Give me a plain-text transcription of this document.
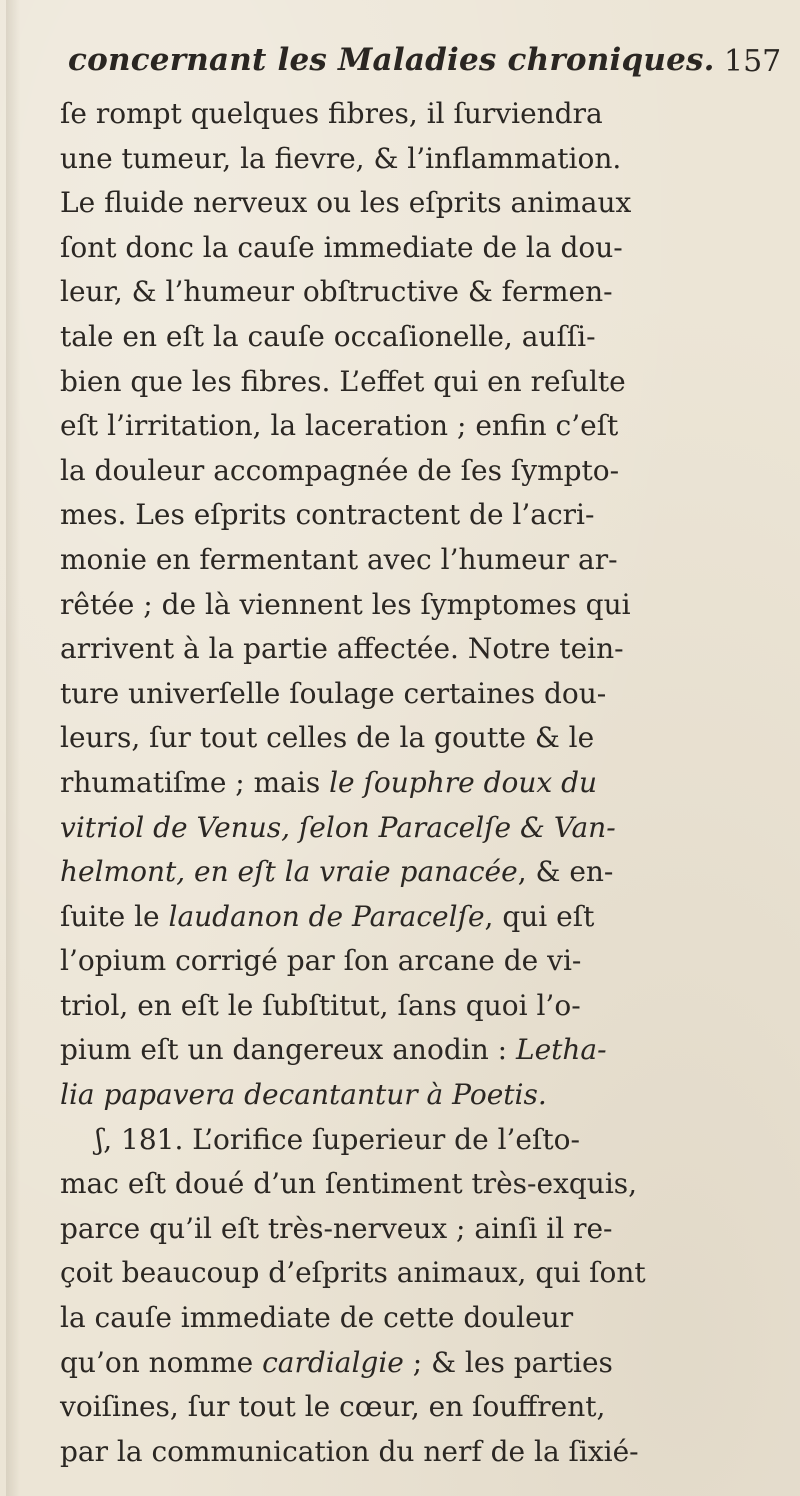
concernant les Maladies chroniques. 157
ſe rompt quelques fibres, il ſurviendra
une tumeur, la fievre, & l’inflammation.
Le fluide nerveux ou les eſprits animaux
ſont donc la cauſe immediate de la dou-
leur, & l’humeur obſtructive & fermen-
tale en eſt la cauſe occaſionelle, auſſi-
bien que les fibres. L’effet qui en reſulte
eſt l’irritation, la laceration ; enfin c’eſt
la douleur accompagnée de ſes ſympto-
mes. Les eſprits contractent de l’acri-
monie en fermentant avec l’humeur ar-
rêtée ; de là viennent les ſymptomes qui
arrivent à la partie affectée. Notre tein-
ture univerſelle ſoulage certaines dou-
leurs, ſur tout celles de la goutte & le
rhumatiſme ; mais le ſouphre doux du
vitriol de Venus, ſelon Paracelſe & Van-
helmont, en eſt la vraie panacée, & en-
ſuite le laudanon de Paracelſe, qui eſt
l’opium corrigé par ſon arcane de vi-
triol, en eſt le ſubſtitut, ſans quoi l’o-
pium eſt un dangereux anodin : Letha-
lia papavera decantantur à Poetis.
ʃ, 181. L’orifice ſuperieur de l’eſto-
mac eſt doué d’un ſentiment très-exquis,
parce qu’il eſt très-nerveux ; ainſi il re-
çoit beaucoup d’eſprits animaux, qui ſont
la cauſe immediate de cette douleur
qu’on nomme cardialgie ; & les parties
voiſines, ſur tout le cœur, en ſouffrent,
par la communication du nerf de la ſixié-
